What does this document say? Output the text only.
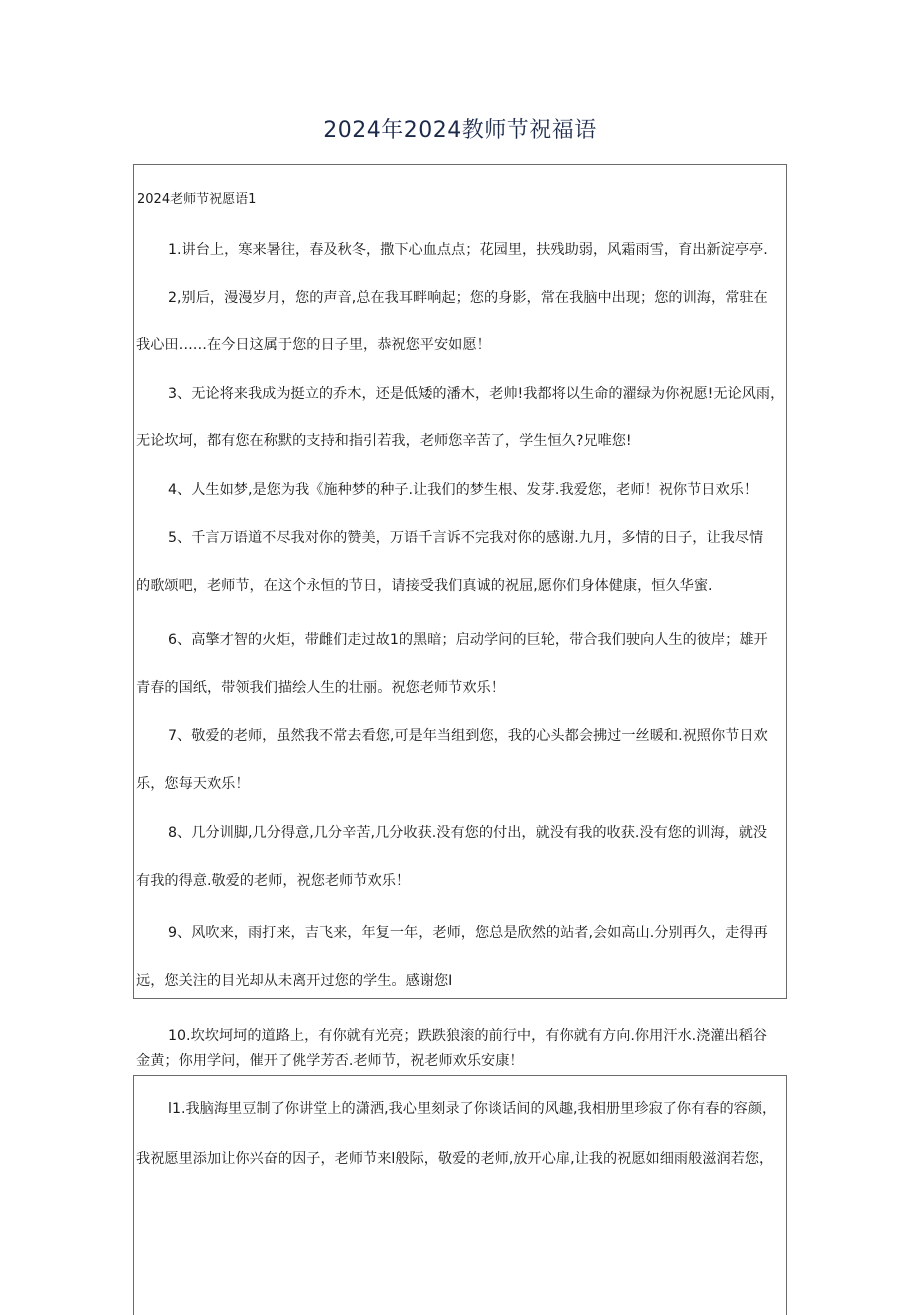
2024年2024教师节祝福语
2024老师节祝愿语1
1.讲台上，寒来暑往，春及秋冬，撒下心血点点；花园里，扶残助弱，风霜雨雪，育出新淀亭亭.
2,别后，漫漫岁月，您的声音,总在我耳畔响起；您的身影，常在我脑中出现；您的训海，常驻在
我心田……在今日这属于您的日子里，恭祝您平安如愿！
3、无论将来我成为挺立的乔木，还是低矮的潘木，老帅!我都将以生命的濯绿为你祝愿!无论风雨，
无论坎坷，都有您在称默的支持和指引若我，老师您辛苦了，学生恒久?兄唯您!
4、人生如梦,是您为我《施种梦的种子.让我们的梦生根、发芽.我爱您，老师！祝你节日欢乐！
5、千言万语道不尽我对你的赞美，万语千言诉不完我对你的感谢.九月，多情的日子，让我尽情
的歌颂吧，老师节，在这个永恒的节日，请接受我们真诚的祝屈,愿你们身体健康，恒久华蜜.
6、高擎才智的火炬，带雌们走过故1的黑暗；启动学问的巨轮，带合我们驶向人生的彼岸；雄开
青春的国纸，带领我们描绘人生的壮丽。祝您老师节欢乐！
7、敬爱的老师，虽然我不常去看您,可是年当组到您，我的心头都会拂过一丝暖和.祝照你节日欢
乐，您每天欢乐！
8、几分训脚,几分得意,几分辛苦,几分收获.没有您的付出，就没有我的收获.没有您的训海，就没
有我的得意.敬爱的老师，祝您老师节欢乐！
9、风吹来，雨打来，吉飞来，年复一年，老师，您总是欣然的站者,会如高山.分别再久，走得再
远，您关注的目光却从未离开过您的学生。感谢您I
10.坎坎坷坷的道路上，有你就有光亮；跌跌狼滚的前行中，有你就有方向.你用汗水.浇灌出稻谷
金黄；你用学问，催开了佻学芳否.老师节，祝老师欢乐安康！
l1.我脑海里豆制了你讲堂上的潇洒,我心里刻录了你谈话间的风趣,我相册里珍寂了你有春的容颜，
我祝愿里添加让你兴奋的因子，老师节来l般际，敬爱的老师,放开心扉,让我的祝愿如细雨般滋润若您，
